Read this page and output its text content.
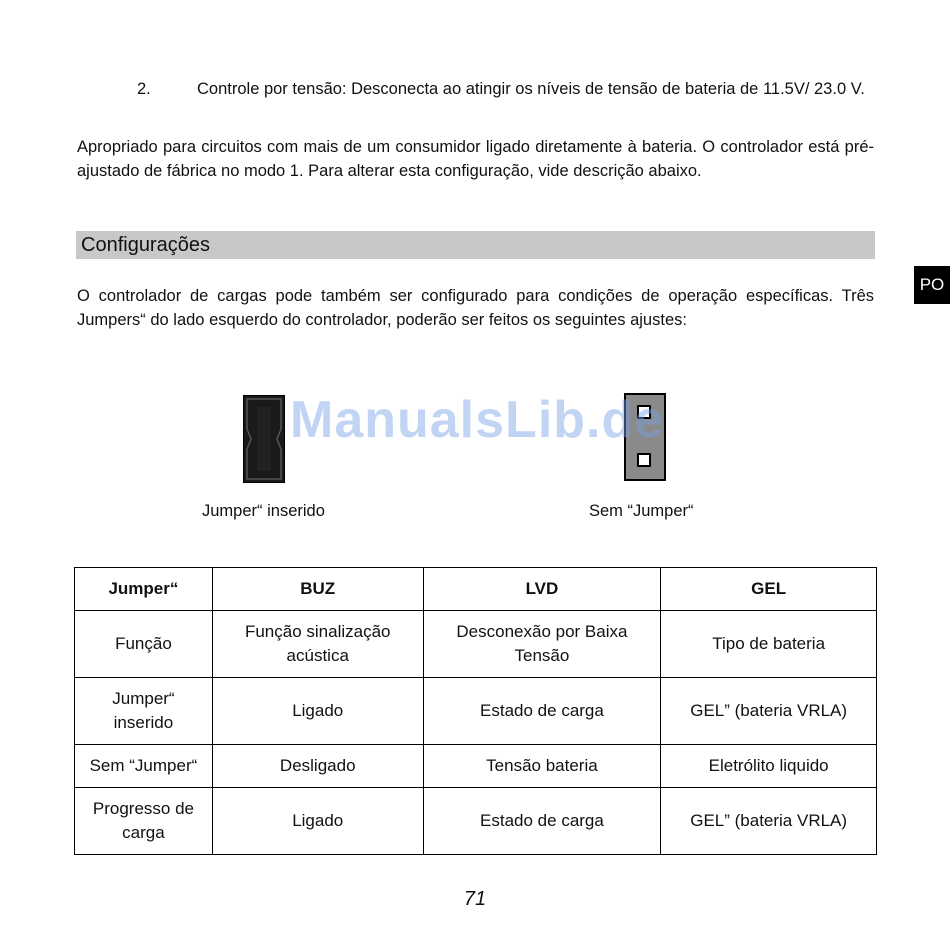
2.	Controle por tensão: Desconecta ao atingir os níveis de tensão de bateria de 11.5V/ 23.0 V.
Apropriado para circuitos com mais de um consumidor ligado diretamente à bateria. O controlador está pré-ajustado de fábrica no modo 1. Para alterar esta configuração, vide descrição abaixo.
Configurações
PO
O controlador de cargas pode também ser configurado para condições de operação específicas. Três Jumpers“ do lado esquerdo do controlador, poderão ser feitos os seguintes ajustes:
ManualsLib.de
Jumper“ inserido	Sem “Jumper“
Jumper“	BUZ	LVD	GEL
Função	Função sinalização acústica	Desconexão por Baixa Tensão	Tipo de bateria
Jumper“ inserido	Ligado	Estado de carga	GEL” (bateria VRLA)
Sem “Jumper“	Desligado	Tensão bateria	Eletrólito liquido
Progresso de carga	Ligado	Estado de carga	GEL” (bateria VRLA)
71
